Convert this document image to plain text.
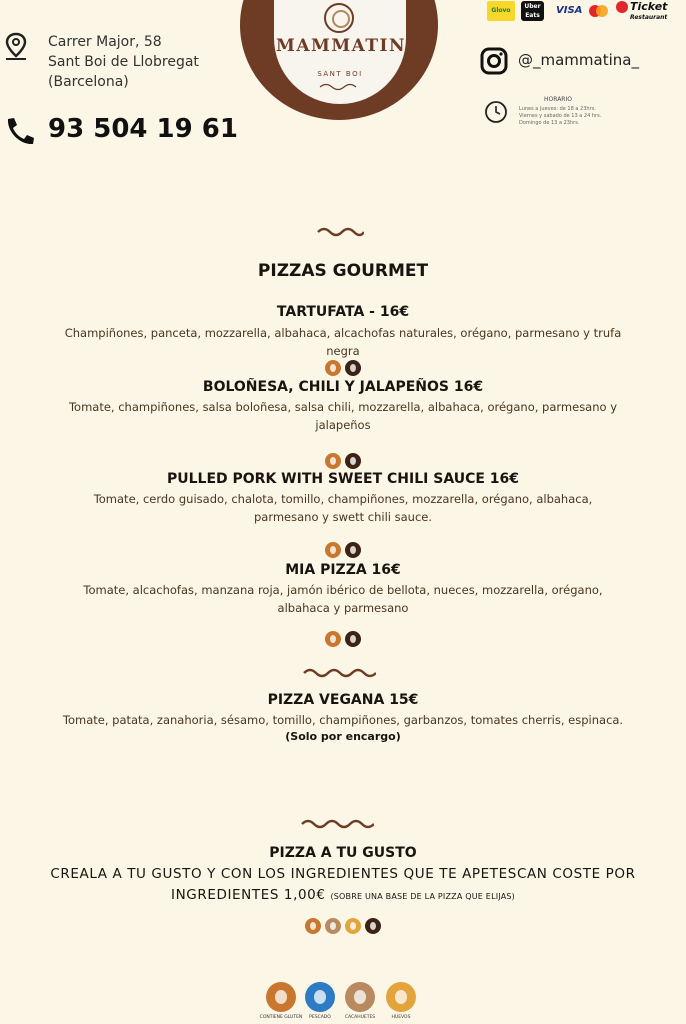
MAMMATINA
SANT BOI
Carrer Major, 58
Sant Boi de Llobregat
(Barcelona)
93 504 19 61
Glovo
Uber Eats	VISA	Ticket
Restaurant
@_mammatina_
HORARIO
Lunes a Jueves: de 18 a 23hrs.
Viernes y sabado de 13 a 24 hrs.
Domingo de 13 a 23hrs.
PIZZAS GOURMET
TARTUFATA - 16€
Champiñones, panceta, mozzarella, albahaca, alcachofas naturales, orégano, parmesano y trufa negra
BOLOÑESA, CHILI Y JALAPEÑOS 16€
Tomate, champiñones, salsa boloñesa, salsa chili, mozzarella, albahaca, orégano, parmesano y jalapeños
PULLED PORK WITH SWEET CHILI SAUCE 16€
Tomate, cerdo guisado, chalota, tomillo, champiñones, mozzarella, orégano, albahaca, parmesano y swett chili sauce.
MIA PIZZA 16€
Tomate, alcachofas, manzana roja, jamón ibérico de bellota, nueces, mozzarella, orégano, albahaca y parmesano
PIZZA VEGANA 15€
Tomate, patata, zanahoria, sésamo, tomillo, champiñones, garbanzos, tomates cherris, espinaca.
(Solo por encargo)
PIZZA A TU GUSTO
CREALA A TU GUSTO Y CON LOS INGREDIENTES QUE TE APETESCAN COSTE POR
INGREDIENTES 1,00€ (SOBRE UNA BASE DE LA PIZZA QUE ELIJAS)
CONTIENE GLUTEN	PESCADO	CACAHUETES	HUEVOS
